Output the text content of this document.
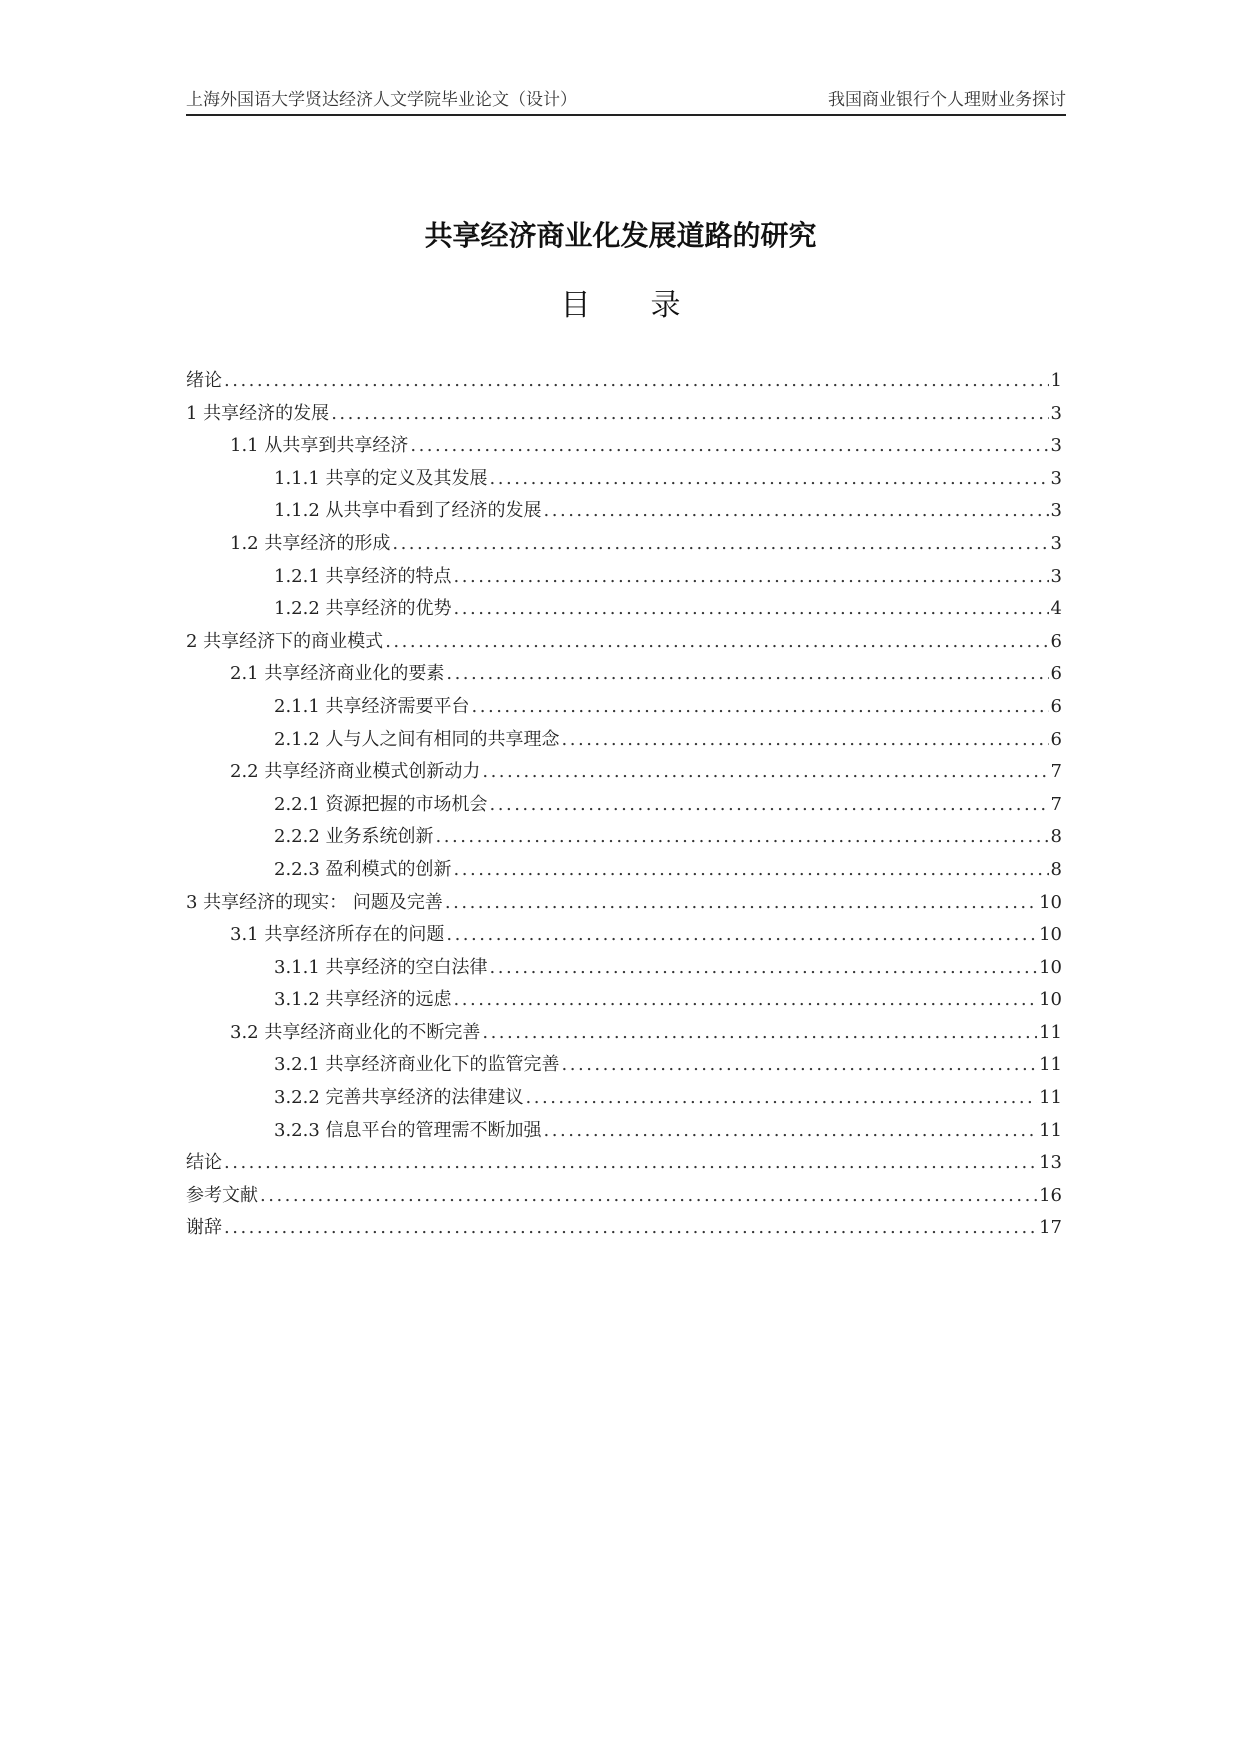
上海外国语大学贤达经济人文学院毕业论文（设计）	我国商业银行个人理财业务探讨
共享经济商业化发展道路的研究
目录
绪论 .....	1
1 共享经济的发展 .....	3
1.1 从共享到共享经济 .....	3
1.1.1 共享的定义及其发展 .....	3
1.1.2 从共享中看到了经济的发展 .....	3
1.2 共享经济的形成 .....	3
1.2.1 共享经济的特点 .....	3
1.2.2 共享经济的优势 .....	4
2 共享经济下的商业模式 .....	6
2.1 共享经济商业化的要素 .....	6
2.1.1 共享经济需要平台 .....	6
2.1.2 人与人之间有相同的共享理念 .....	6
2.2 共享经济商业模式创新动力 .....	7
2.2.1 资源把握的市场机会 .....	7
2.2.2 业务系统创新 .....	8
2.2.3 盈利模式的创新 .....	8
3 共享经济的现实： 问题及完善 .....	10
3.1 共享经济所存在的问题 .....	10
3.1.1 共享经济的空白法律 .....	10
3.1.2 共享经济的远虑 .....	10
3.2 共享经济商业化的不断完善 .....	11
3.2.1 共享经济商业化下的监管完善 .....	11
3.2.2 完善共享经济的法律建议 .....	11
3.2.3 信息平台的管理需不断加强 .....	11
结论 .....	13
参考文献 .....	16
谢辞 .....	17
